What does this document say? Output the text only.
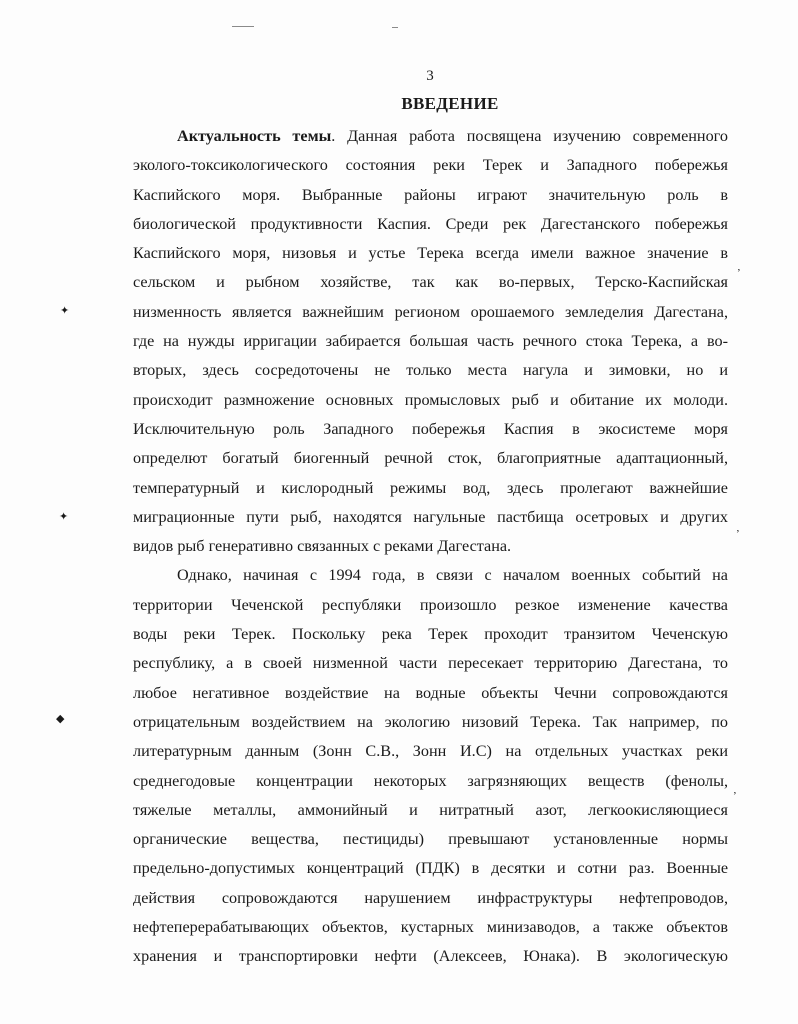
3
ВВЕДЕНИЕ
Актуальность темы. Данная работа посвящена изучению современного
эколого-токсикологического состояния реки Терек и Западного побережья
Каспийского моря. Выбранные районы играют значительную роль в
биологической продуктивности Каспия. Среди рек Дагестанского побережья
Каспийского моря, низовья и устье Терека всегда имели важное значение в
сельском и рыбном хозяйстве, так как во-первых, Терско-Каспийская
низменность является важнейшим регионом орошаемого земледелия Дагестана,
где на нужды ирригации забирается большая часть речного стока Терека, а во-
вторых, здесь сосредоточены не только места нагула и зимовки, но и
происходит размножение основных промысловых рыб и обитание их молоди.
Исключительную роль Западного побережья Каспия в экосистеме моря
определют богатый биогенный речной сток, благоприятные адаптационный,
температурный и кислородный режимы вод, здесь пролегают важнейшие
миграционные пути рыб, находятся нагульные пастбища осетровых и других
видов рыб генеративно связанных с реками Дагестана.
Однако, начиная с 1994 года, в связи с началом военных событий на
территории Чеченской республяки произошло резкое изменение качества
воды реки Терек. Поскольку река Терек проходит транзитом Чеченскую
республику, а в своей низменной части пересекает территорию Дагестана, то
любое негативное воздействие на водные объекты Чечни сопровождаются
отрицательным воздействием на экологию низовий Терека. Так например, по
литературным данным (Зонн С.В., Зонн И.С) на отдельных участках реки
среднегодовые концентрации некоторых загрязняющих веществ (фенолы,
тяжелые металлы, аммонийный и нитратный азот, легкоокисляющиеся
органические вещества, пестициды) превышают установленные нормы
предельно-допустимых концентраций (ПДК) в десятки и сотни раз. Военные
действия сопровождаются нарушением инфраструктуры нефтепроводов,
нефтеперерабатывающих объектов, кустарных минизаводов, а также объектов
хранения и транспортировки нефти (Алексеев, Юнака). В экологическую
✦
✦
◆
‚
‚
‚
